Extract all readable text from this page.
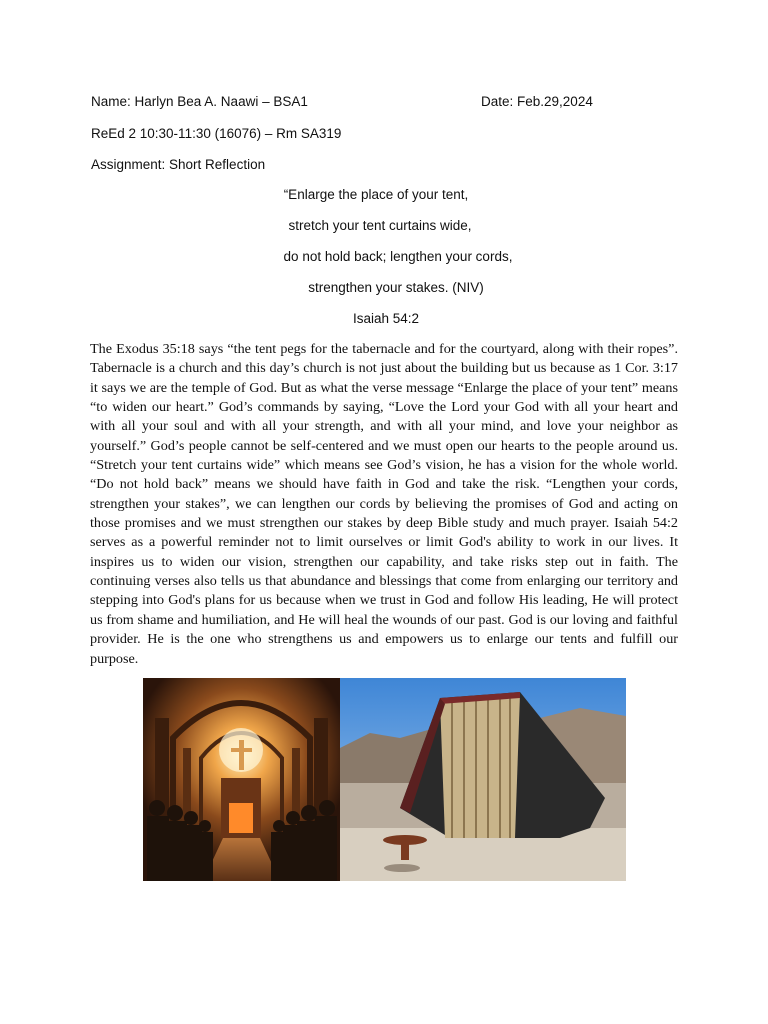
Name: Harlyn Bea A. Naawi – BSA1	Date: Feb.29,2024
ReEd 2 10:30-11:30 (16076) – Rm SA319
Assignment: Short Reflection
“Enlarge the place of your tent,
stretch your tent curtains wide,
do not hold back; lengthen your cords,
strengthen your stakes. (NIV)
Isaiah 54:2
The Exodus 35:18 says “the tent pegs for the tabernacle and for the courtyard, along with their ropes”. Tabernacle is a church and this day’s church is not just about the building but us because as 1 Cor. 3:17 it says we are the temple of God. But as what the verse message “Enlarge the place of your tent” means “to widen our heart.” God’s commands by saying, “Love the Lord your God with all your heart and with all your soul and with all your strength, and with all your mind, and love your neighbor as yourself.” God’s people cannot be self-centered and we must open our hearts to the people around us. “Stretch your tent curtains wide” which means see God’s vision, he has a vision for the whole world. “Do not hold back” means we should have faith in God and take the risk. “Lengthen your cords, strengthen your stakes”, we can lengthen our cords by believing the promises of God and acting on those promises and we must strengthen our stakes by deep Bible study and much prayer. Isaiah 54:2 serves as a powerful reminder not to limit ourselves or limit God's ability to work in our lives. It inspires us to widen our vision, strengthen our capability, and take risks step out in faith. The continuing verses also tells us that abundance and blessings that come from enlarging our territory and stepping into God's plans for us because when we trust in God and follow His leading, He will protect us from shame and humiliation, and He will heal the wounds of our past. God is our loving and faithful provider. He is the one who strengthens us and empowers us to enlarge our tents and fulfill our purpose.
